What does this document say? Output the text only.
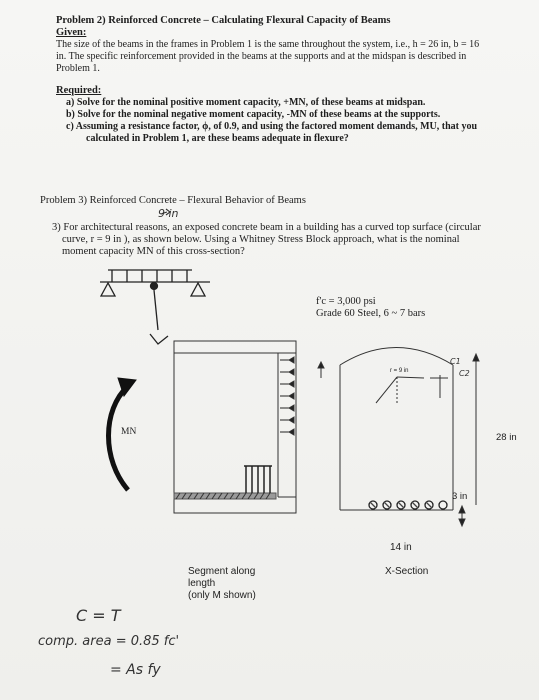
Problem 2) Reinforced Concrete – Calculating Flexural Capacity of Beams
Given:
The size of the beams in the frames in Problem 1 is the same throughout the system, i.e., h = 26 in, b = 16
in. The specific reinforcement provided in the beams at the supports and at the midspan is described in
Problem 1.
Required:
a) Solve for the nominal positive moment capacity, +MN, of these beams at midspan.
b) Solve for the nominal negative moment capacity, -MN of these beams at the supports.
c) Assuming a resistance factor, ϕ, of 0.9, and using the factored moment demands, MU, that you
calculated in Problem 1, are these beams adequate in flexure?
Problem 3) Reinforced Concrete – Flexural Behavior of Beams
9 in
3) For architectural reasons, an exposed concrete beam in a building has a curved top surface (circular
curve, r = 9 in ), as shown below. Using a Whitney Stress Block approach, what is the nominal
moment capacity MN of this cross-section?
f'c = 3,000 psi
Grade 60 Steel, 6 ~ 7 bars
MN
r = 9 in
C1
C2
28 in
3 in
14 in
Segment along
length
(only M shown)
X-Section
C = T
comp. area = 0.85 fc'
= As fy
